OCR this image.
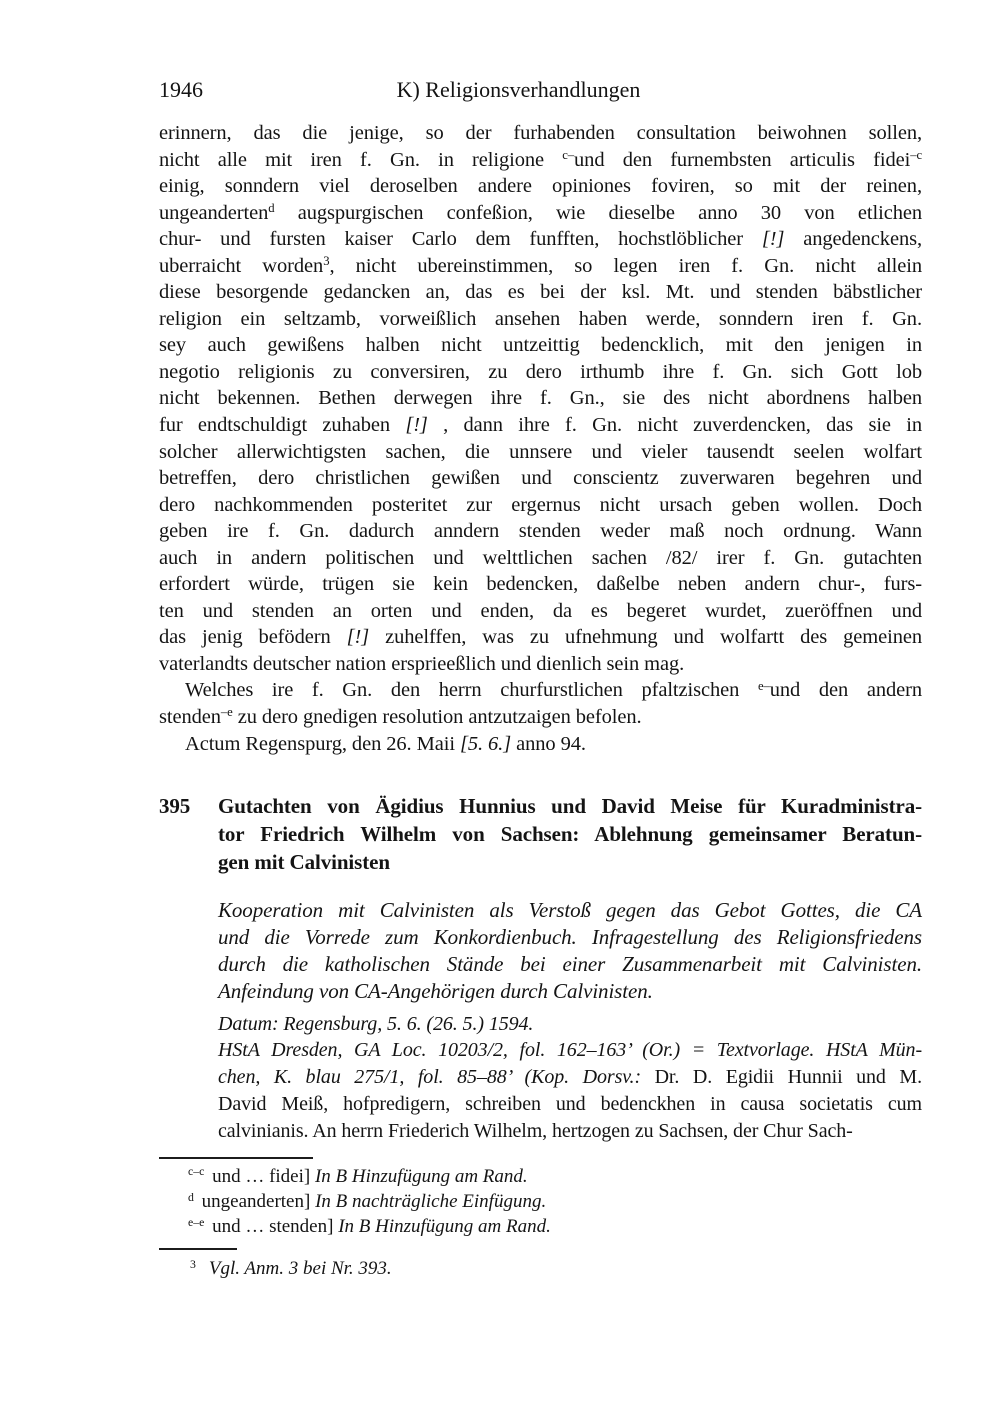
1946	K) Religionsverhandlungen
erinnern, das die jenige, so der furhabenden consultation beiwohnen sollen,
nicht alle mit iren f. Gn. in religione $^{c-}$und den furnembsten articulis fidei$^{-c}$
einig, sonndern viel deroselben andere opiniones foviren, so mit der reinen,
ungeanderten$^d$ augspurgischen confeßion, wie dieselbe anno 30 von etlichen
chur- und fursten kaiser Carlo dem funfften, hochstlöblicher [!] angedenckens,
uberraicht worden$^3$, nicht ubereinstimmen, so legen iren f. Gn. nicht allein
diese besorgende gedancken an, das es bei der ksl. Mt. und stenden bäbstlicher
religion ein seltzamb, vorweißlich ansehen haben werde, sonndern iren f. Gn.
sey auch gewißens halben nicht untzeittig bedencklich, mit den jenigen in
negotio religionis zu conversiren, zu dero irthumb ihre f. Gn. sich Gott lob
nicht bekennen. Bethen derwegen ihre f. Gn., sie des nicht abordnens halben
fur endtschuldigt zuhaben [!] , dann ihre f. Gn. nicht zuverdencken, das sie in
solcher allerwichtigsten sachen, die unnsere und vieler tausendt seelen wolfart
betreffen, dero christlichen gewißen und conscientz zuverwaren begehren und
dero nachkommenden posteritet zur ergernus nicht ursach geben wollen. Doch
geben ire f. Gn. dadurch anndern stenden weder maß noch ordnung. Wann
auch in andern politischen und welttlichen sachen /82/ irer f. Gn. gutachten
erfordert würde, trügen sie kein bedencken, daßelbe neben andern chur-, furs-
ten und stenden an orten und enden, da es begeret wurdet, zueröffnen und
das jenig befödern [!] zuhelffen, was zu ufnehmung und wolfartt des gemeinen
vaterlandts deutscher nation ersprieeßlich und dienlich sein mag.
Welches ire f. Gn. den herrn churfurstlichen pfaltzischen $^{e-}$und den andern
stenden$^{-e}$ zu dero gnedigen resolution antzutzaigen befolen.
Actum Regenspurg, den 26. Maii [5. 6.] anno 94.
395	Gutachten von Ägidius Hunnius und David Meise für Kuradministra-
tor Friedrich Wilhelm von Sachsen: Ablehnung gemeinsamer Beratun-
gen mit Calvinisten
Kooperation mit Calvinisten als Verstoß gegen das Gebot Gottes, die CA
und die Vorrede zum Konkordienbuch. Infragestellung des Religionsfriedens
durch die katholischen Stände bei einer Zusammenarbeit mit Calvinisten.
Anfeindung von CA-Angehörigen durch Calvinisten.
Datum: Regensburg, 5. 6. (26. 5.) 1594.
HStA Dresden, GA Loc. 10203/2, fol. 162–163’ (Or.) = Textvorlage. HStA Mün-
chen, K. blau 275/1, fol. 85–88’ (Kop. Dorsv.: Dr. D. Egidii Hunnii und M.
David Meiß, hofpredigern, schreiben und bedenckhen in causa societatis cum
calvinianis. An herrn Friederich Wilhelm, hertzogen zu Sachsen, der Chur Sach-
$^{c-c}$ und … fidei] In B Hinzufügung am Rand.
$^d$ ungeanderten] In B nachträgliche Einfügung.
$^{e-e}$ und … stenden] In B Hinzufügung am Rand.
$^3$ Vgl. Anm. 3 bei Nr. 393.
